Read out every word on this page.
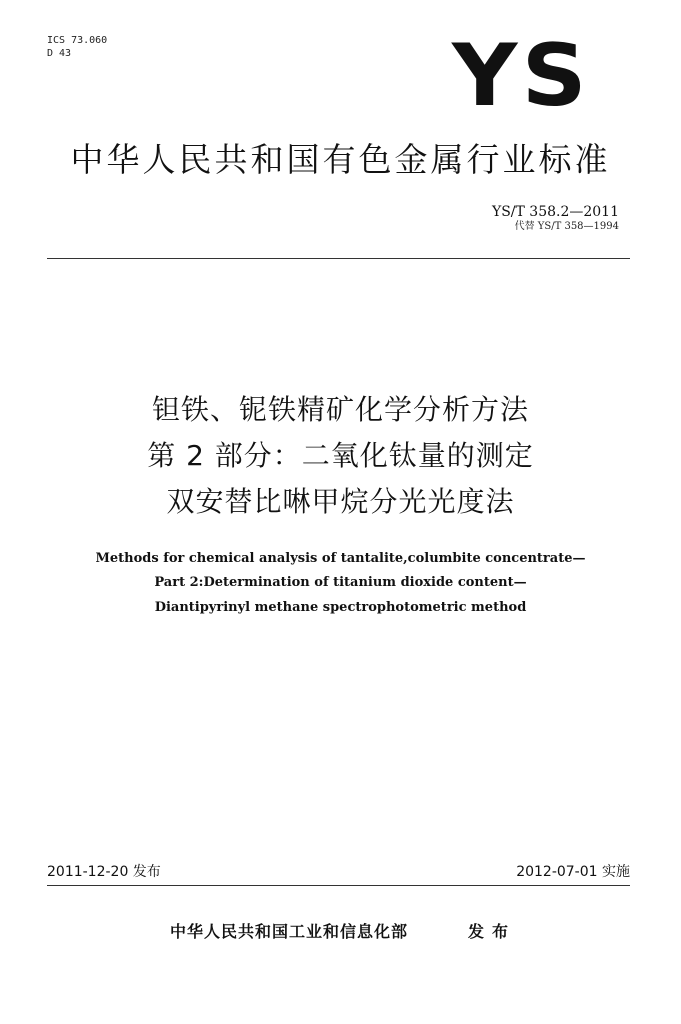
ICS 73.060
D 43	YS
中华人民共和国有色金属行业标准
YS/T 358.2—2011
代替 YS/T 358—1994
钽铁、铌铁精矿化学分析方法
第 2 部分：二氧化钛量的测定
双安替比啉甲烷分光光度法
Methods for chemical analysis of tantalite,columbite concentrate—
Part 2:Determination of titanium dioxide content—
Diantipyrinyl methane spectrophotometric method
2011-12-20 发布	2012-07-01 实施
中华人民共和国工业和信息化部	发布
